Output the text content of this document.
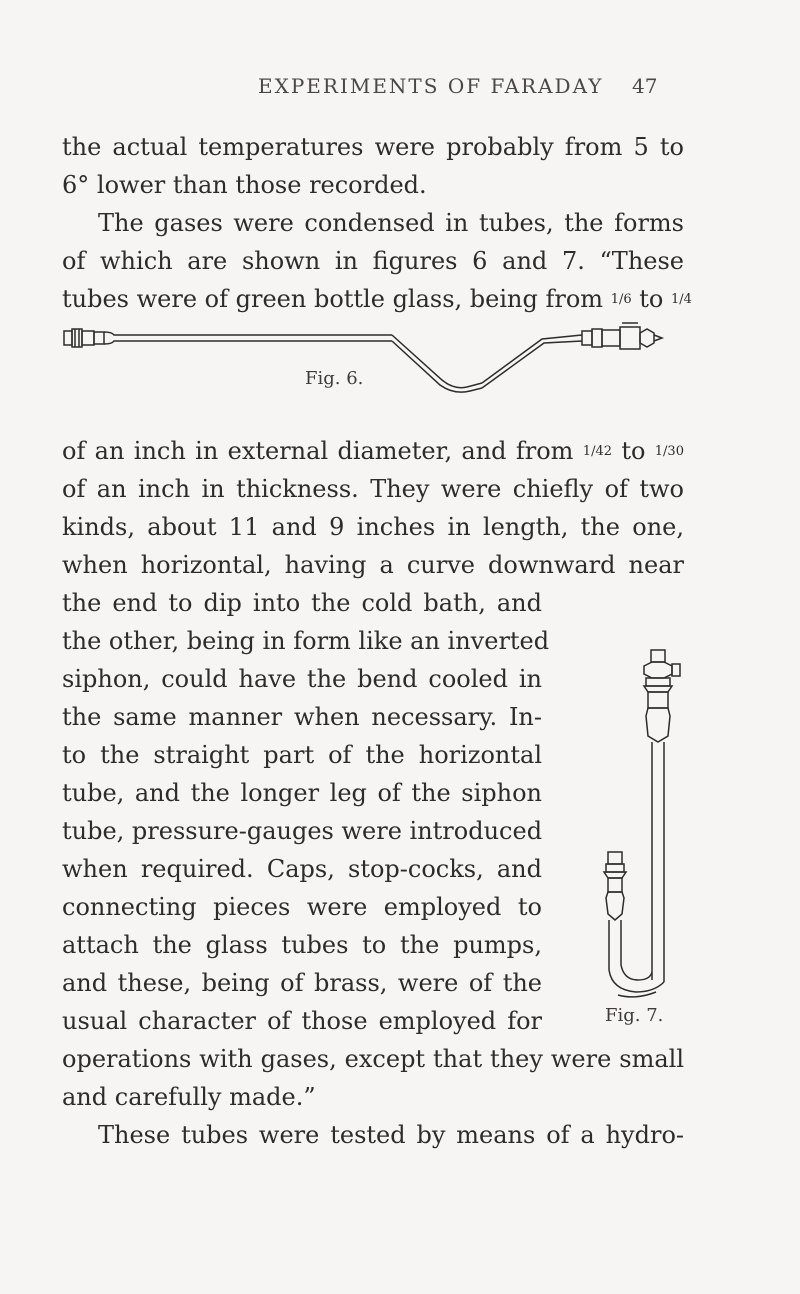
EXPERIMENTS OF FARADAY 47
the actual temperatures were probably from 5 to
6° lower than those recorded.
The gases were condensed in tubes, the forms
of which are shown in figures 6 and 7. “These
tubes were of green bottle glass, being from 1/6 to 1/4
Fig. 6.
of an inch in external diameter, and from 1/42 to 1/30
of an inch in thickness. They were chiefly of two
kinds, about 11 and 9 inches in length, the one,
when horizontal, having a curve downward near
the end to dip into the cold bath, and
the other, being in form like an inverted
siphon, could have the bend cooled in
the same manner when necessary. In-
to the straight part of the horizontal
tube, and the longer leg of the siphon
tube, pressure-gauges were introduced
when required. Caps, stop-cocks, and
connecting pieces were employed to
attach the glass tubes to the pumps,
and these, being of brass, were of the
usual character of those employed for	Fig. 7.
operations with gases, except that they were small
and carefully made.”
These tubes were tested by means of a hydro-
